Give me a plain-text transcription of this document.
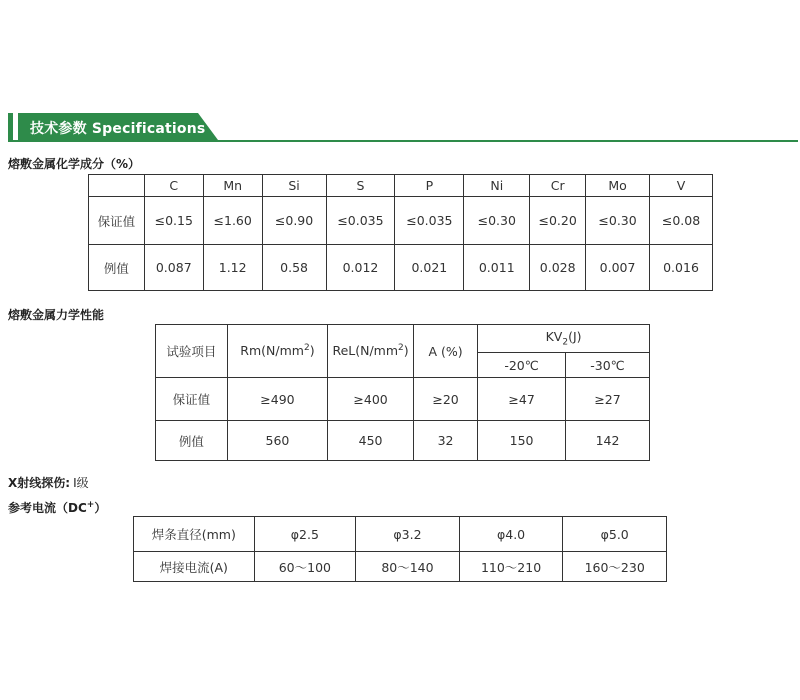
技术参数 Specifications
熔敷金属化学成分（%）
	C	Mn	Si	S	P	Ni	Cr	Mo	V
保证值	≤0.15	≤1.60	≤0.90	≤0.035	≤0.035	≤0.30	≤0.20	≤0.30	≤0.08
例值	0.087	1.12	0.58	0.012	0.021	0.011	0.028	0.007	0.016
熔敷金属力学性能
试验项目	$Rm(N/mm^2)$	$ReL(N/mm^2)$	A (%)	$KV_2(J)$	
				-20℃	-30℃
保证值	≥490	≥400	≥20	≥47	≥27
例值	560	450	32	150	142
X射线探伤: Ⅰ级
参考电流（DC+）
焊条直径(mm)	φ2.5	φ3.2	φ4.0	φ5.0
焊接电流(A)	60～100	80～140	110～210	160～230
